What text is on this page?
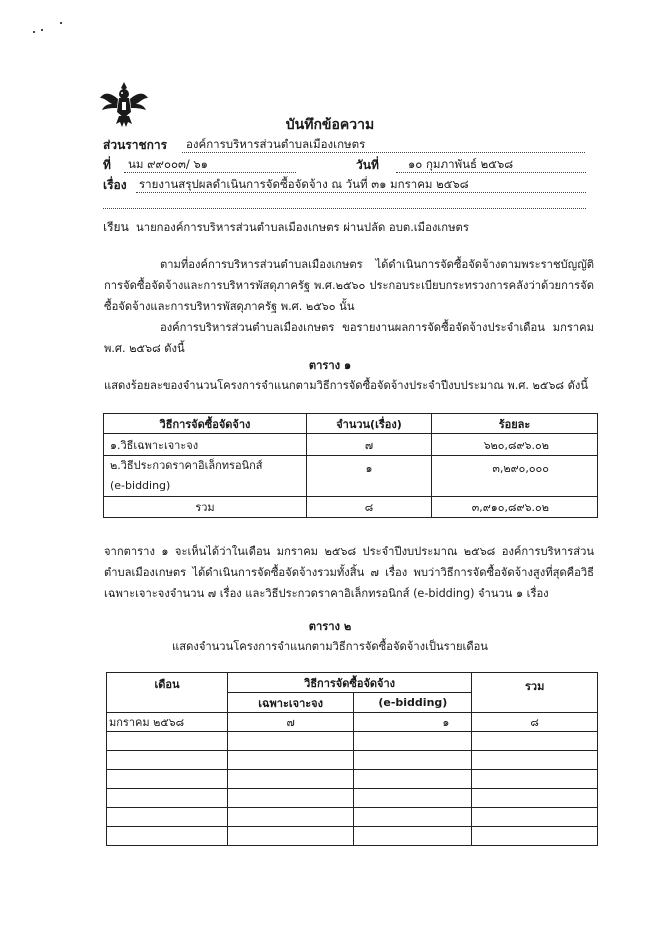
บันทึกข้อความ
ส่วนราชการ องค์การบริหารส่วนตำบลเมืองเกษตร
ที่ นม ๙๙๐๐๓/ ๖๑	วันที่	๑๐ กุมภาพันธ์ ๒๕๖๘
เรื่อง รายงานสรุปผลดำเนินการจัดซื้อจัดจ้าง ณ วันที่ ๓๑ มกราคม ๒๕๖๘
เรียน นายกองค์การบริหารส่วนตำบลเมืองเกษตร ผ่านปลัด อบต.เมืองเกษตร
ตามที่องค์การบริหารส่วนตำบลเมืองเกษตร ได้ดำเนินการจัดซื้อจัดจ้างตามพระราชบัญญัติการจัดซื้อจัดจ้างและการบริหารพัสดุภาครัฐ พ.ศ.๒๕๖๐ ประกอบระเบียบกระทรวงการคลังว่าด้วยการจัดซื้อจัดจ้างและการบริหารพัสดุภาครัฐ พ.ศ. ๒๕๖๐ นั้น
องค์การบริหารส่วนตำบลเมืองเกษตร ขอรายงานผลการจัดซื้อจัดจ้างประจำเดือน มกราคม พ.ศ. ๒๕๖๘ ดังนี้
ตาราง ๑
แสดงร้อยละของจำนวนโครงการจำแนกตามวิธีการจัดซื้อจัดจ้างประจำปีงบประมาณ พ.ศ. ๒๕๖๘ ดังนี้
วิธีการจัดซื้อจัดจ้าง	จำนวน(เรื่อง)	ร้อยละ
๑.วิธีเฉพาะเจาะจง	๗	๖๒๐,๘๙๖.๐๒

๒.วิธีประกวดราคาอิเล็กทรอนิกส์
(e-bidding)	๑	๓,๒๙๐,๐๐๐
รวม	๘	๓,๙๑๐,๘๙๖.๐๒
จากตาราง ๑ จะเห็นได้ว่าในเดือน มกราคม ๒๕๖๘ ประจำปีงบประมาณ ๒๕๖๘ องค์การบริหารส่วนตำบลเมืองเกษตร ได้ดำเนินการจัดซื้อจัดจ้างรวมทั้งสิ้น ๗ เรื่อง พบว่าวิธีการจัดซื้อจัดจ้างสูงที่สุดคือวิธีเฉพาะเจาะจงจำนวน ๗ เรื่อง และวิธีประกวดราคาอิเล็กทรอนิกส์ (e-bidding) จำนวน ๑ เรื่อง
ตาราง ๒
แสดงจำนวนโครงการจำแนกตามวิธีการจัดซื้อจัดจ้างเป็นรายเดือน
เดือน	วิธีการจัดซื้อจัดจ้าง		รวม
	เฉพาะเจาะจง	(e-bidding)	
มกราคม ๒๕๖๘	๗	๑	๘
